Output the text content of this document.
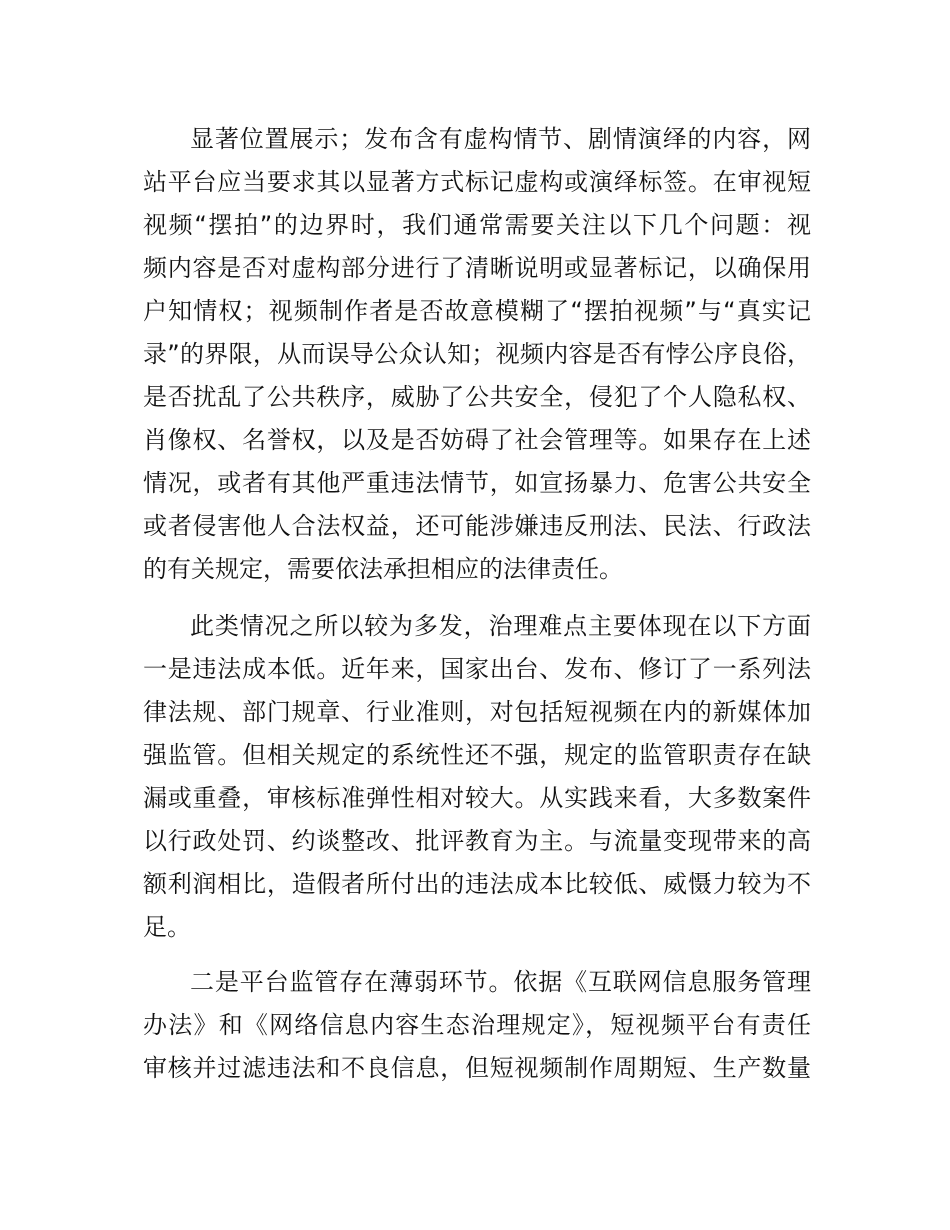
显著位置展示；发布含有虚构情节、剧情演绎的内容，网
站平台应当要求其以显著方式标记虚构或演绎标签。在审视短
视频“摆拍”的边界时，我们通常需要关注以下几个问题：视
频内容是否对虚构部分进行了清晰说明或显著标记，以确保用
户知情权；视频制作者是否故意模糊了“摆拍视频”与“真实记
录”的界限，从而误导公众认知；视频内容是否有悖公序良俗，
是否扰乱了公共秩序，威胁了公共安全，侵犯了个人隐私权、
肖像权、名誉权，以及是否妨碍了社会管理等。如果存在上述
情况，或者有其他严重违法情节，如宣扬暴力、危害公共安全
或者侵害他人合法权益，还可能涉嫌违反刑法、民法、行政法
的有关规定，需要依法承担相应的法律责任。
此类情况之所以较为多发，治理难点主要体现在以下方面
一是违法成本低。近年来，国家出台、发布、修订了一系列法
律法规、部门规章、行业准则，对包括短视频在内的新媒体加
强监管。但相关规定的系统性还不强，规定的监管职责存在缺
漏或重叠，审核标准弹性相对较大。从实践来看，大多数案件
以行政处罚、约谈整改、批评教育为主。与流量变现带来的高
额利润相比，造假者所付出的违法成本比较低、威慑力较为不
足。
二是平台监管存在薄弱环节。依据《互联网信息服务管理
办法》和《网络信息内容生态治理规定》，短视频平台有责任
审核并过滤违法和不良信息，但短视频制作周期短、生产数量
